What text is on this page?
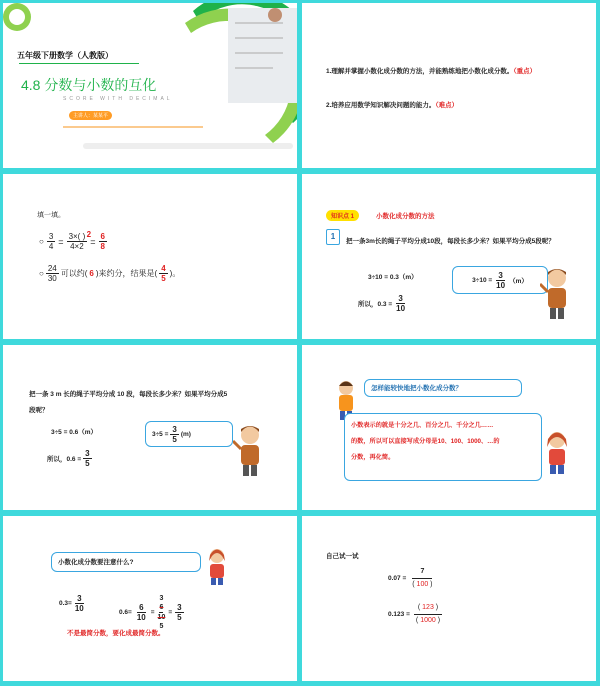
五年级下册数学（人教版）
4.8 分数与小数的互化
SCORE WITH DECIMAL
主讲人：某某平
1.理解并掌握小数化成分数的方法，并能熟练地把小数化成分数。（重点）
2.培养应用数学知识解决问题的能力。（难点）
填一填。
○ $\frac{3}{4} = \frac{3\times( ) 2}{4\times 2} = \frac{6}{8}$
○ $\frac{24}{30}$ 可以约( 6 )来约分，结果是( $\frac{4}{5}$ )。
知识点 1	小数化成分数的方法
1
把一条3m长的绳子平均分成10段，每段长多少米？如果平均分成5段呢？
3÷10 = 0.3（m）
所以，$0.3 = \frac{3}{10}$
$3\div 10 = \frac{3}{10} (m)$
把一条 3 m 长的绳子平均分成 10 段，每段长多少米？如果平均分成5
段呢？
3÷5 = 0.6（m）
所以，$0.6 = \frac{3}{5}$
$3\div 5 = \frac{3}{5} (m)$
怎样能较快地把小数化成分数？
小数表示的就是十分之几、百分之几、千分之几……
的数，所以可以直接写成分母是10、100、1000、…的
分数，再化简。
小数化成分数要注意什么?
$0.3= \frac{3}{10}$	$0.6= \frac{6}{10}$ =
3
6
10
5
= $\frac{3}{5}$
不是最简分数，要化成最简分数。
自己试一试
$0.07 = \frac{7}{( 100 )}$
$0.123 = \frac{( 123 )}{( 1000 )}$
